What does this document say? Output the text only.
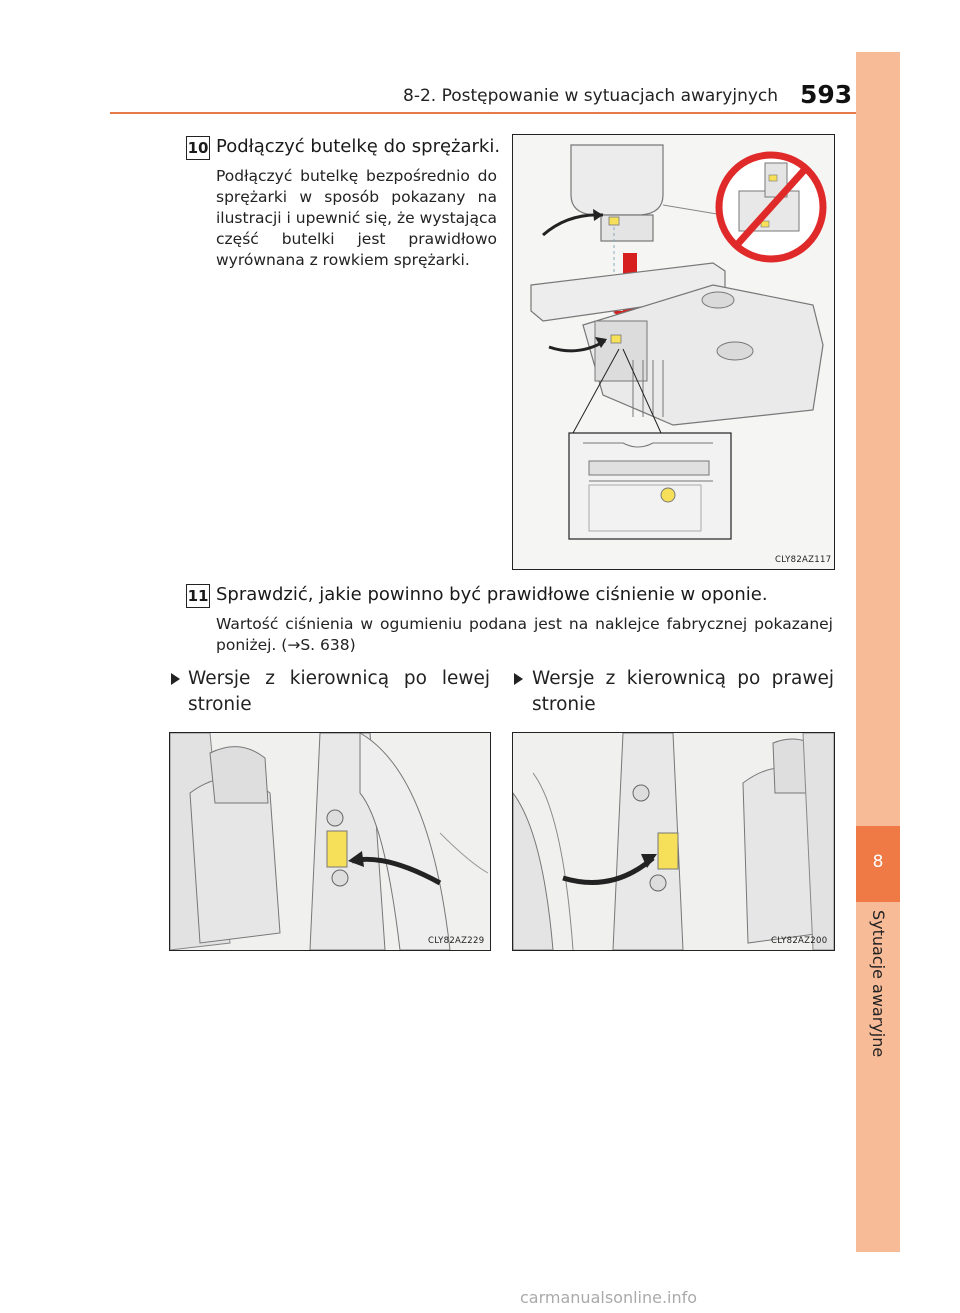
8-2. Postępowanie w sytuacjach awaryjnych 593
8
Sytuacje awaryjne
10 Podłączyć butelkę do sprężarki.
Podłączyć butelkę bezpośrednio do sprężarki w sposób pokazany na ilustracji i upewnić się, że wystająca część butelki jest prawidłowo wyrównana z rowkiem sprężarki.
CLY82AZ117
11 Sprawdzić, jakie powinno być prawidłowe ciśnienie w oponie.
Wartość ciśnienia w ogumieniu podana jest na naklejce fabrycznej pokazanej poniżej. (→S. 638)
Wersje z kierownicą po lewej stronie
Wersje z kierownicą po prawej stronie
CLY82AZ229	CLY82AZ200
carmanualsonline.info
